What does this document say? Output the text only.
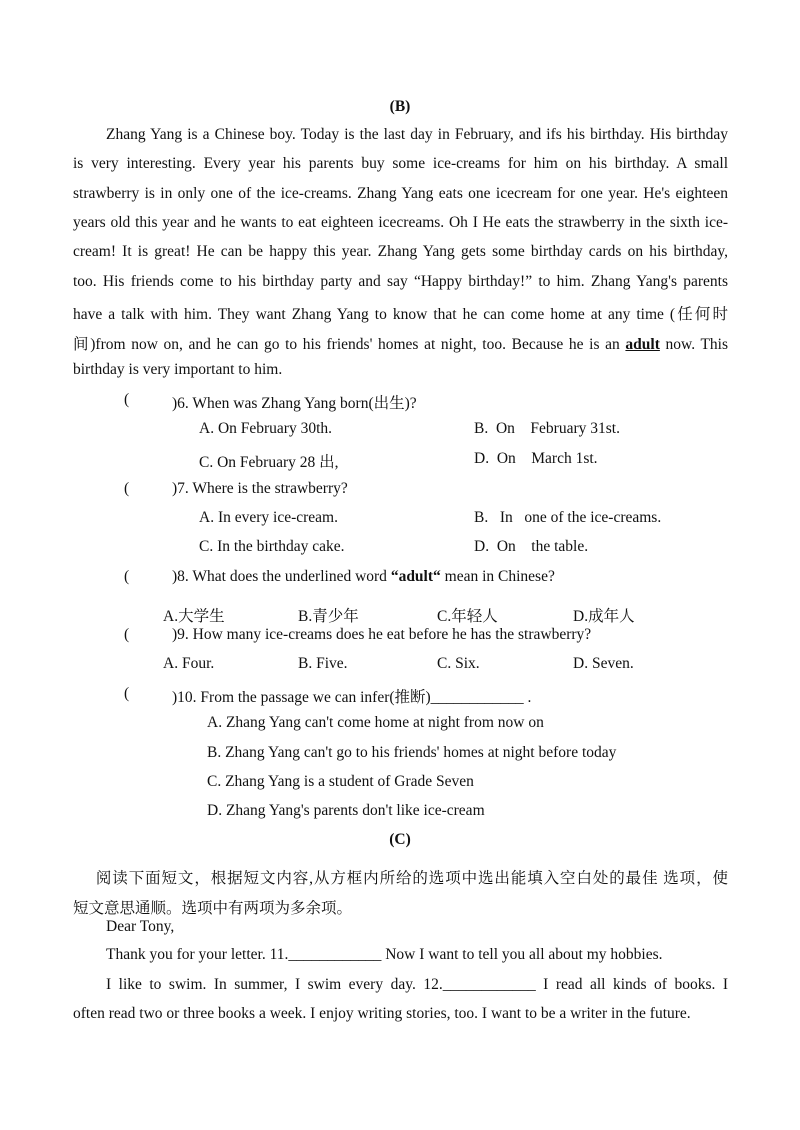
(B)
Zhang Yang is a Chinese boy. Today is the last day in February, and ifs his birthday. His birthday
is very interesting. Every year his parents buy some ice-creams for him on his birthday. A small
strawberry is in only one of the ice-creams. Zhang Yang eats one icecream for one year. He's eighteen
years old this year and he wants to eat eighteen icecreams. Oh I He eats the strawberry in the sixth ice-
cream! It is great! He can be happy this year. Zhang Yang gets some birthday cards on his birthday,
too. His friends come to his birthday party and say “Happy birthday!” to him. Zhang Yang's parents
have a talk with him. They want Zhang Yang to know that he can come home at any time (任何时
间)from now on, and he can go to his friends' homes at night, too. Because he is an adult now. This
birthday is very important to him.
(	)6. When was Zhang Yang born(出生)?
A. On February 30th.	B.  On    February 31st.
C. On February 28 出,	D.  On    March 1st.
(	)7. Where is the strawberry?
A. In every ice-cream.	B.   In   one of the ice-creams.
C. In the birthday cake.	D.  On    the table.
(	)8. What does the underlined word “adult“ mean in Chinese?
A.大学生	B.青少年	C.年轻人	D.成年人
(	)9. How many ice-creams does he eat before he has the strawberry?
A. Four.	B. Five.	C. Six.	D. Seven.
(	)10. From the passage we can infer(推断)____________ .
A. Zhang Yang can't come home at night from now on
B. Zhang Yang can't go to his friends' homes at night before today
C. Zhang Yang is a student of Grade Seven
D. Zhang Yang's parents don't like ice-cream
(C)
阅读下面短文，根据短文内容,从方框内所给的选项中选出能填入空白处的最佳 选项，使
短文意思通顺。选项中有两项为多余项。
Dear Tony,
Thank you for your letter. 11.____________ Now I want to tell you all about my hobbies.
I like to swim. In summer, I swim every day. 12.____________ I read all kinds of books. I
often read two or three books a week. I enjoy writing stories, too. I want to be a writer in the future.
